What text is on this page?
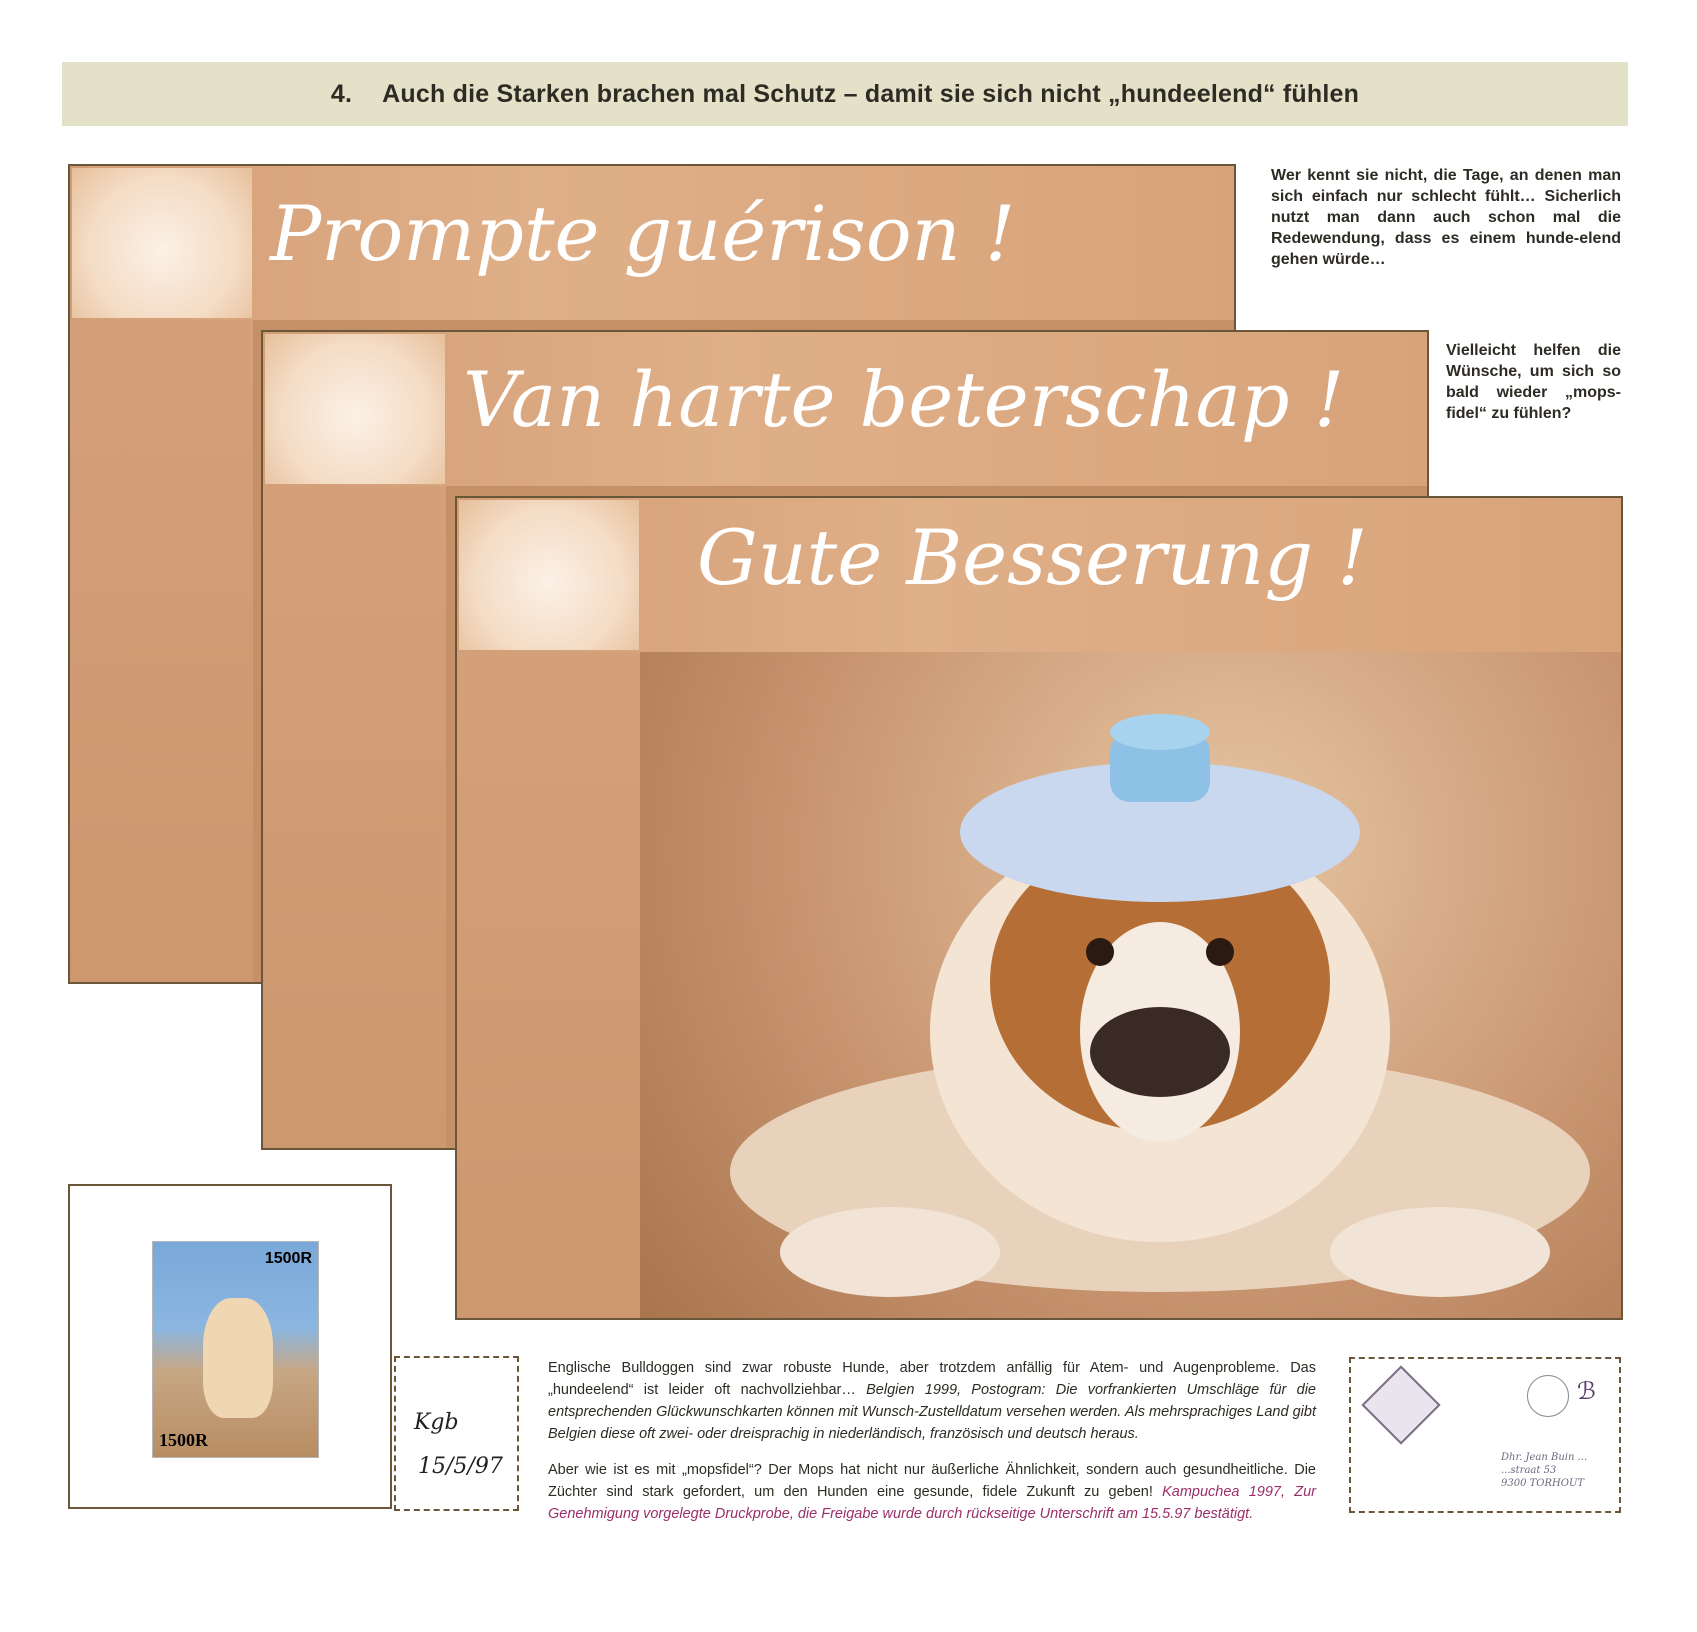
4. Auch die Starken brachen mal Schutz – damit sie sich nicht „hundeelend“ fühlen
Prompte guérison !
Van harte beterschap !
Gute Besserung !
Wer kennt sie nicht, die Tage, an denen man sich einfach nur schlecht fühlt… Sicherlich nutzt man dann auch schon mal die Redewendung, dass es einem hunde-elend gehen würde…
Vielleicht helfen die Wünsche, um sich so bald wieder „mops-fidel“ zu fühlen?
1500R
1500R
Kgb
15/5/97

Englische Bulldoggen sind zwar robuste Hunde, aber trotzdem anfällig für Atem- und Augenprobleme. Das „hundeelend“ ist leider oft nachvollziehbar… Belgien 1999, Postogram: Die vorfrankierten Umschläge für die entsprechenden Glückwunschkarten können mit Wunsch-Zustelldatum versehen werden. Als mehrsprachiges Land gibt Belgien diese oft zwei- oder dreisprachig in niederländisch, französisch und deutsch heraus.

Aber wie ist es mit „mopsfidel“? Der Mops hat nicht nur äußerliche Ähnlichkeit, sondern auch gesundheitliche. Die Züchter sind stark gefordert, um den Hunden eine gesunde, fidele Zukunft zu geben! Kampuchea 1997, Zur Genehmigung vorgelegte Druckprobe, die Freigabe wurde durch rückseitige Unterschrift am 15.5.97 bestätigt.

ℬ
Dhr. Jean Buin ...
...straat 53
9300 TORHOUT
